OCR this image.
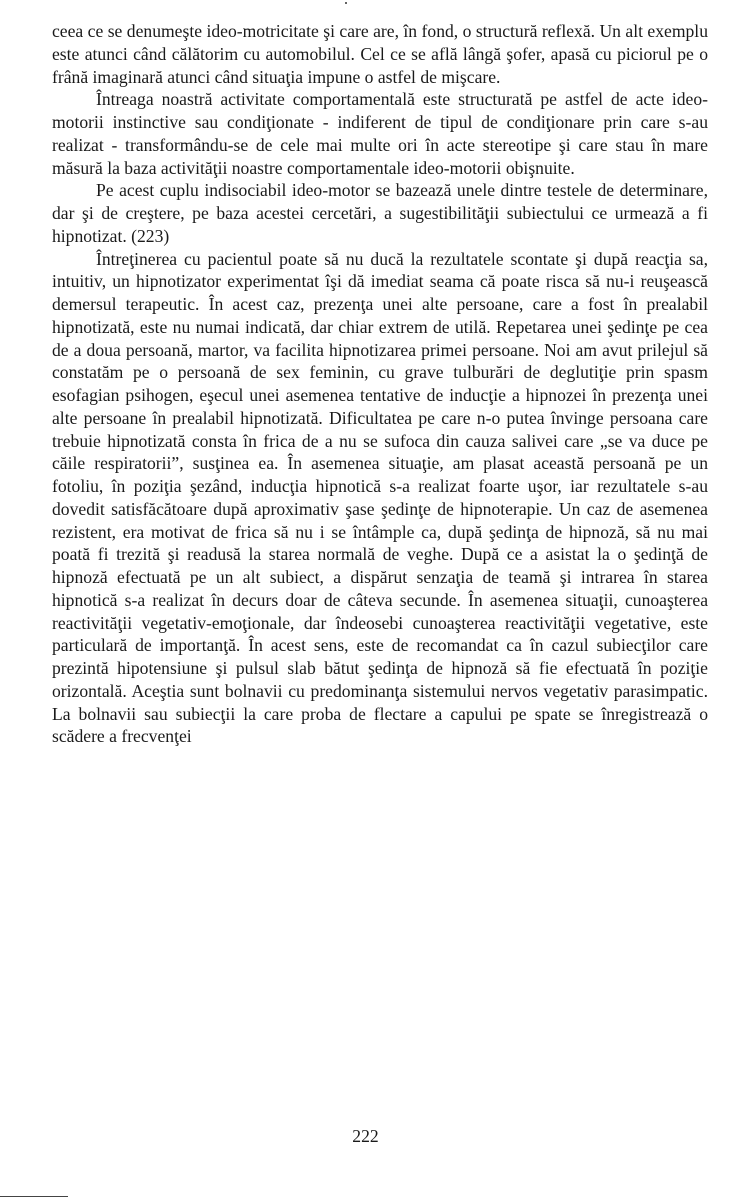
ceea ce se denumeşte ideo-motricitate şi care are, în fond, o structură reflexă. Un alt exemplu este atunci când călătorim cu automobilul. Cel ce se află lângă şofer, apasă cu piciorul pe o frână imaginară atunci când situaţia impune o astfel de mişcare.

Întreaga noastră activitate comportamentală este structurată pe astfel de acte ideo-motorii instinctive sau condiţionate - indiferent de tipul de condiţionare prin care s-au realizat - transformându-se de cele mai multe ori în acte stereotipe şi care stau în mare măsură la baza activităţii noastre comportamentale ideo-motorii obişnuite.

Pe acest cuplu indisociabil ideo-motor se bazează unele dintre testele de determinare, dar şi de creştere, pe baza acestei cercetări, a sugestibilităţii subiectului ce urmează a fi hipnotizat. (223)

Întreţinerea cu pacientul poate să nu ducă la rezultatele scontate şi după reacţia sa, intuitiv, un hipnotizator experimentat îşi dă imediat seama că poate risca să nu-i reuşească demersul terapeutic. În acest caz, prezenţa unei alte persoane, care a fost în prealabil hipnotizată, este nu numai indicată, dar chiar extrem de utilă. Repetarea unei şedinţe pe cea de a doua persoană, martor, va facilita hipnotizarea primei persoane. Noi am avut prilejul să constatăm pe o persoană de sex feminin, cu grave tulburări de deglutiţie prin spasm esofagian psihogen, eşecul unei asemenea tentative de inducţie a hipnozei în prezenţa unei alte persoane în prealabil hipnotizată. Dificultatea pe care n-o putea învinge persoana care trebuie hipnotizată consta în frica de a nu se sufoca din cauza salivei care „se va duce pe căile respiratorii”, susţinea ea. În asemenea situaţie, am plasat această persoană pe un fotoliu, în poziţia şezând, inducţia hipnotică s-a realizat foarte uşor, iar rezultatele s-au dovedit satisfăcătoare după aproximativ şase şedinţe de hipnoterapie. Un caz de asemenea rezistent, era motivat de frica să nu i se întâmple ca, după şedinţa de hipnoză, să nu mai poată fi trezită şi readusă la starea normală de veghe. După ce a asistat la o şedinţă de hipnoză efectuată pe un alt subiect, a dispărut senzaţia de teamă şi intrarea în starea hipnotică s-a realizat în decurs doar de câteva secunde. În asemenea situaţii, cunoaşterea reactivităţii vegetativ-emoţionale, dar îndeosebi cunoaşterea reactivităţii vegetative, este particulară de importanţă. În acest sens, este de recomandat ca în cazul subiecţilor care prezintă hipotensiune şi pulsul slab bătut şedinţa de hipnoză să fie efectuată în poziţie orizontală. Aceştia sunt bolnavii cu predominanţa sistemului nervos vegetativ parasimpatic. La bolnavii sau subiecţii la care proba de flectare a capului pe spate se înregistrează o scădere a frecvenţei

222
